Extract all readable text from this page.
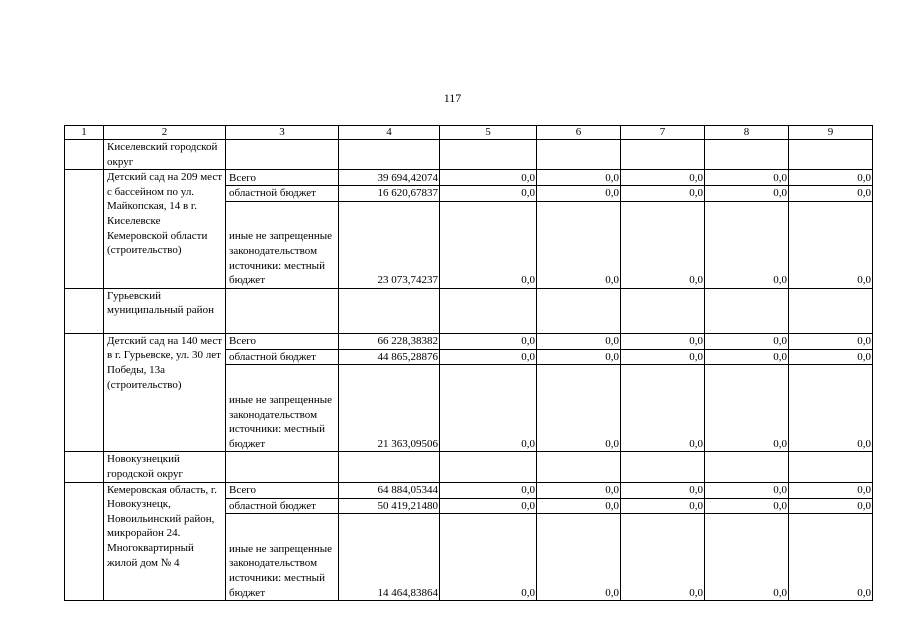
117
1	2	3	4	5	6	7	8	9
	Киселевский городской округ							
	Детский сад на 209 мест с бассейном по ул. Майкопская, 14 в г. Киселевске Кемеровской области (строительство)	Всего	39 694,42074	0,0	0,0	0,0	0,0	0,0
		областной бюджет	16 620,67837	0,0	0,0	0,0	0,0	0,0
		иные не запрещенные законодательством источники: местный бюджет	23 073,74237	0,0	0,0	0,0	0,0	0,0
	Гурьевский муниципальный район							
	Детский сад на 140 мест в г. Гурьевске, ул. 30 лет Победы, 13а (строительство)	Всего	66 228,38382	0,0	0,0	0,0	0,0	0,0
		областной бюджет	44 865,28876	0,0	0,0	0,0	0,0	0,0
		иные не запрещенные законодательством источники: местный бюджет	21 363,09506	0,0	0,0	0,0	0,0	0,0
	Новокузнецкий городской округ							
	Кемеровская область, г. Новокузнецк, Новоильинский район, микрорайон 24. Многоквартирный жилой дом № 4	Всего	64 884,05344	0,0	0,0	0,0	0,0	0,0
		областной бюджет	50 419,21480	0,0	0,0	0,0	0,0	0,0
		иные не запрещенные законодательством источники: местный бюджет	14 464,83864	0,0	0,0	0,0	0,0	0,0
